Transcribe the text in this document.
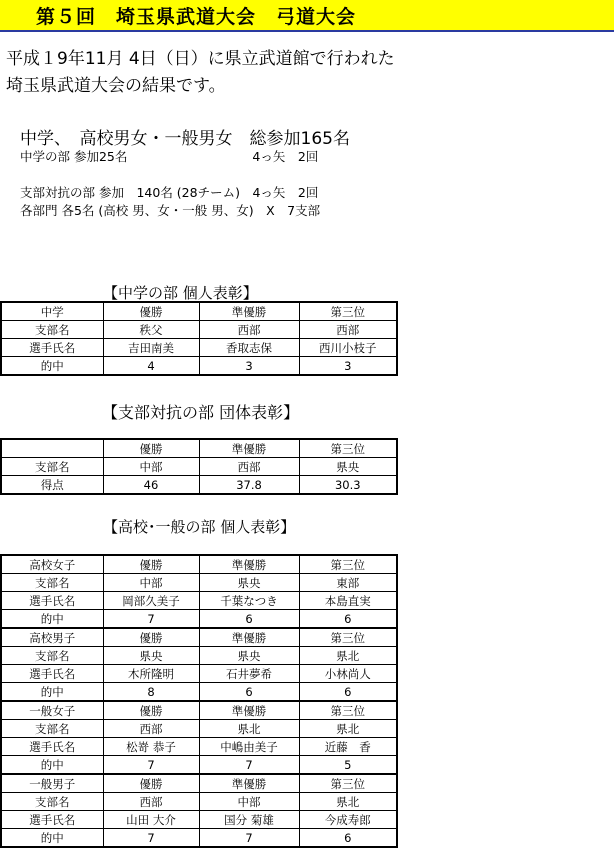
第５回　埼玉県武道大会　弓道大会
平成１9年11月 4日（日）に県立武道館で行われた
埼玉県武道大会の結果です。
中学、　高校男女・一般男女　総参加165名
中学の部 参加25名　　　　　　　　　　4っ矢　2回

支部対抗の部 参加　140名 (28チーム)　4っ矢　2回
各部門 各5名 (高校 男、女・一般 男、女)　X　7支部
【中学の部 個人表彰】
中学	優勝	準優勝	第三位
支部名	秩父	西部	西部
選手氏名	吉田南美	香取志保	西川小枝子
的中	4	3	3
【支部対抗の部 団体表彰】
	優勝	準優勝	第三位
支部名	中部	西部	県央
得点	46	37.8	30.3
【高校･一般の部 個人表彰】
高校女子	優勝	準優勝	第三位
支部名	中部	県央	東部
選手氏名	岡部久美子	千葉なつき	本島直実
的中	7	6	6
高校男子	優勝	準優勝	第三位
支部名	県央	県央	県北
選手氏名	木所隆明	石井夢希	小林尚人
的中	8	6	6
一般女子	優勝	準優勝	第三位
支部名	西部	県北	県北
選手氏名	松嵜 恭子	中嶋由美子	近藤　香
的中	7	7	5
一般男子	優勝	準優勝	第三位
支部名	西部	中部	県北
選手氏名	山田 大介	国分 菊雄	今成寿郎
的中	7	7	6
